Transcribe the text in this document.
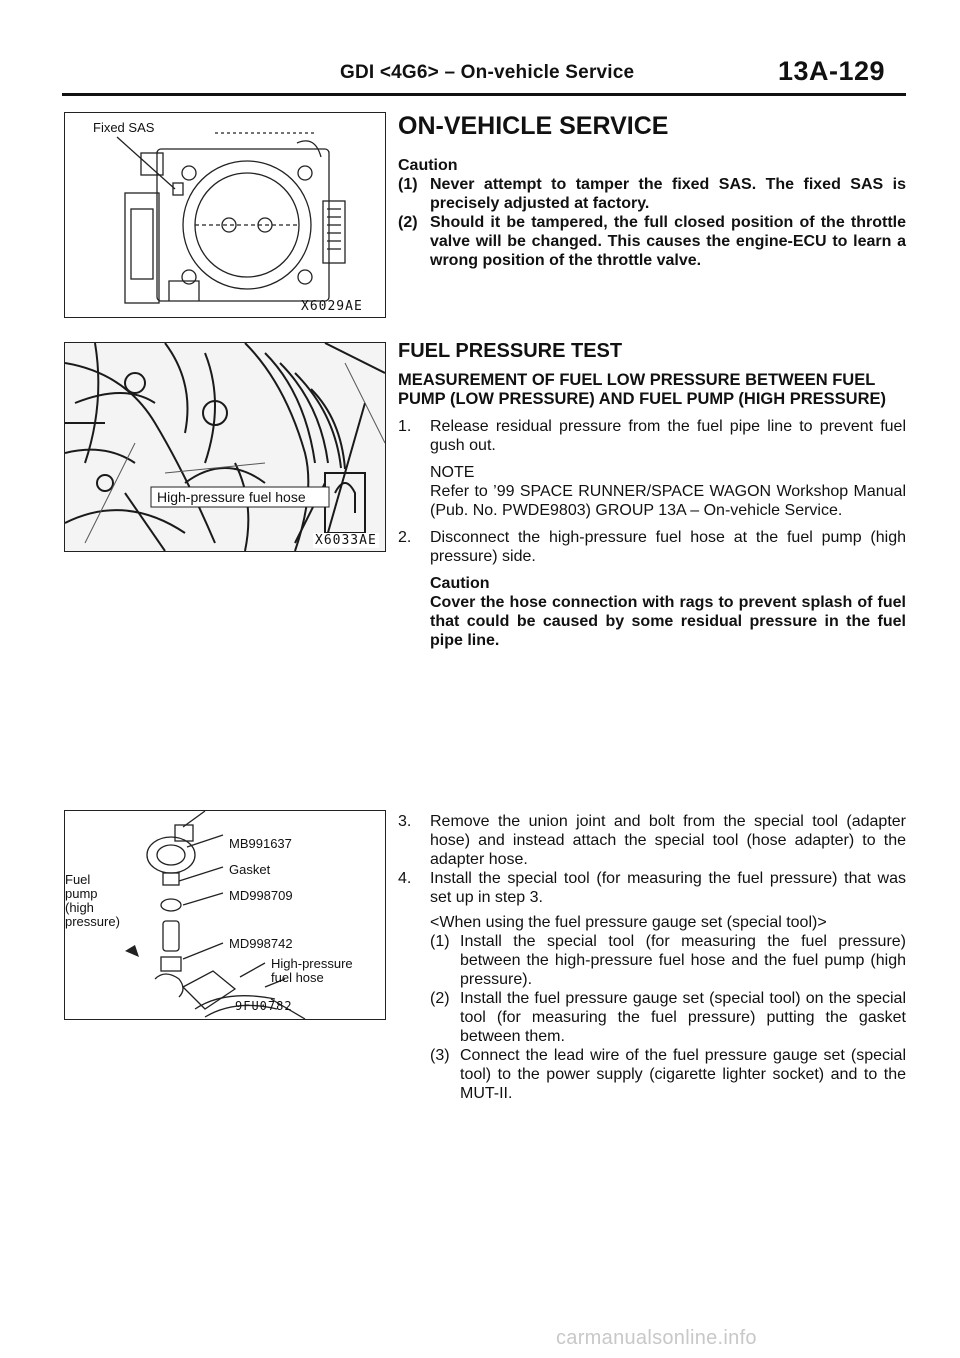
GDI <4G6> – On-vehicle Service	13A-129
Fixed SAS
X6029AE
High-pressure fuel hose
X6033AE
Fuel
pump
(high
pressure)
MB991637
Gasket
MD998709
MD998742
High-pressure
fuel hose
9FU0782
ON-VEHICLE SERVICE
Caution
(1) Never attempt to tamper the fixed SAS. The fixed SAS is precisely adjusted at factory.
(2) Should it be tampered, the full closed position of the throttle valve will be changed. This causes the engine-ECU to learn a wrong position of the throttle valve.
FUEL PRESSURE TEST
MEASUREMENT OF FUEL LOW PRESSURE BETWEEN FUEL PUMP (LOW PRESSURE) AND FUEL PUMP (HIGH PRESSURE)
1. Release residual pressure from the fuel pipe line to prevent fuel gush out.
NOTE
Refer to ’99 SPACE RUNNER/SPACE WAGON Workshop Manual (Pub. No. PWDE9803) GROUP 13A – On-vehicle Service.
2. Disconnect the high-pressure fuel hose at the fuel pump (high pressure) side.
Caution
Cover the hose connection with rags to prevent splash of fuel that could be caused by some residual pressure in the fuel pipe line.
3. Remove the union joint and bolt from the special tool (adapter hose) and instead attach the special tool (hose adapter) to the adapter hose.
4. Install the special tool (for measuring the fuel pressure) that was set up in step 3.
<When using the fuel pressure gauge set (special tool)>
(1) Install the special tool (for measuring the fuel pressure) between the high-pressure fuel hose and the fuel pump (high pressure).
(2) Install the fuel pressure gauge set (special tool) on the special tool (for measuring the fuel pressure) putting the gasket between them.
(3) Connect the lead wire of the fuel pressure gauge set (special tool) to the power supply (cigarette lighter socket) and to the MUT-II.
carmanualsonline.info
